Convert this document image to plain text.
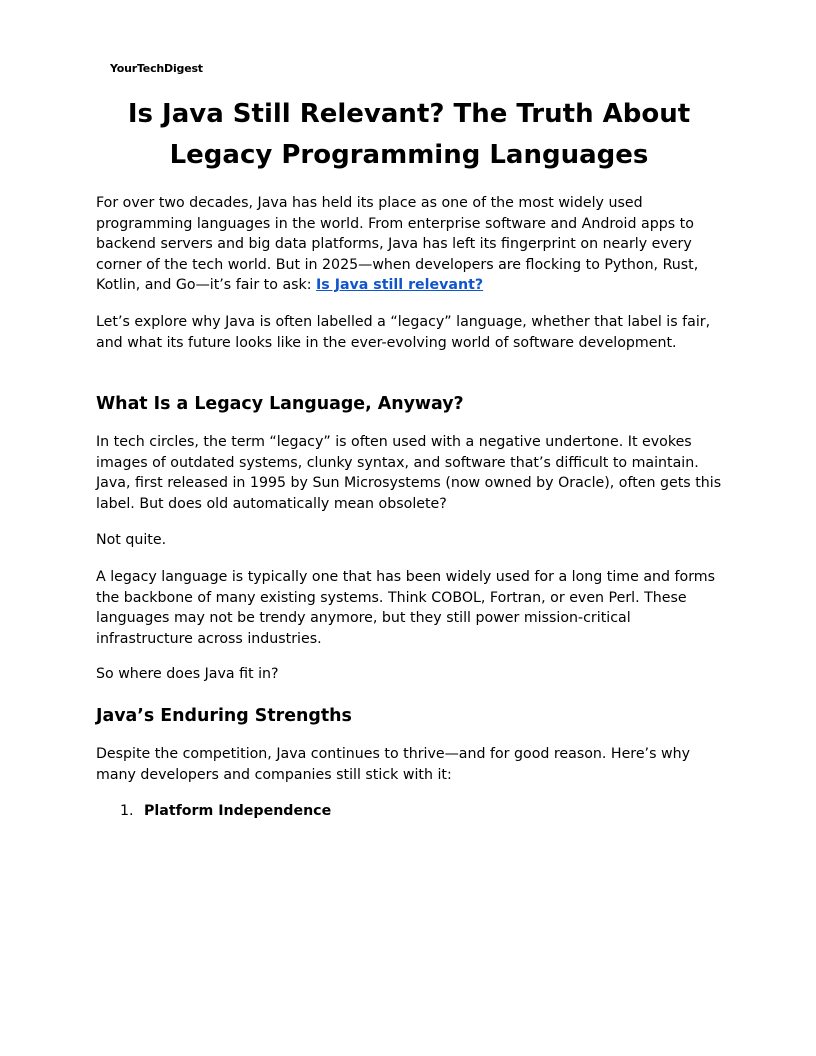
YourTechDigest
Is Java Still Relevant? The Truth About Legacy Programming Languages

For over two decades, Java has held its place as one of the most widely used programming languages in the world. From enterprise software and Android apps to backend servers and big data platforms, Java has left its fingerprint on nearly every corner of the tech world. But in 2025—when developers are flocking to Python, Rust, Kotlin, and Go—it’s fair to ask: Is Java still relevant?

Let’s explore why Java is often labelled a “legacy” language, whether that label is fair, and what its future looks like in the ever-evolving world of software development.

What Is a Legacy Language, Anyway?

In tech circles, the term “legacy” is often used with a negative undertone. It evokes images of outdated systems, clunky syntax, and software that’s difficult to maintain. Java, first released in 1995 by Sun Microsystems (now owned by Oracle), often gets this label. But does old automatically mean obsolete?

Not quite.

A legacy language is typically one that has been widely used for a long time and forms the backbone of many existing systems. Think COBOL, Fortran, or even Perl. These languages may not be trendy anymore, but they still power mission-critical infrastructure across industries.

So where does Java fit in?

Java’s Enduring Strengths

Despite the competition, Java continues to thrive—and for good reason. Here’s why many developers and companies still stick with it:

1. Platform Independence
